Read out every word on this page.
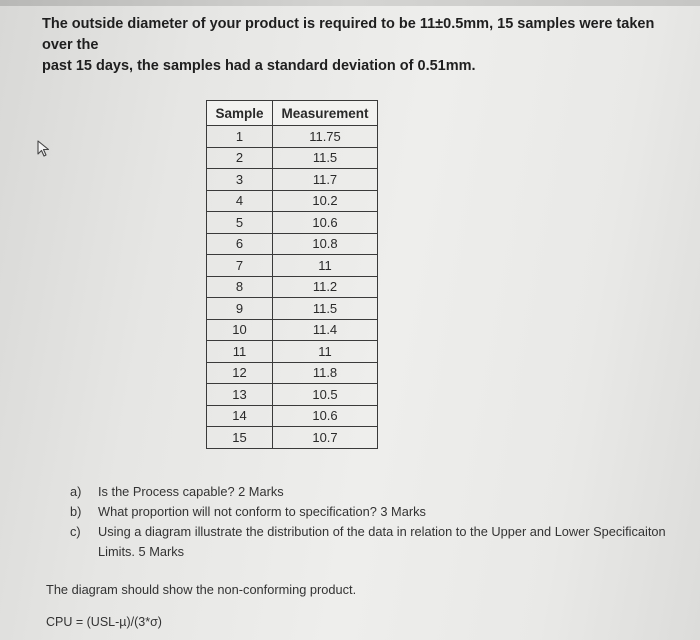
The outside diameter of your product is required to be 11±0.5mm, 15 samples were taken over the
past 15 days, the samples had a standard deviation of 0.51mm.
Sample	Measurement
1	11.75
2	11.5
3	11.7
4	10.2
5	10.6
6	10.8
7	11
8	11.2
9	11.5
10	11.4
11	11
12	11.8
13	10.5
14	10.6
15	10.7
a)	Is the Process capable? 2 Marks
b)	What proportion will not conform to specification? 3 Marks
c)	Using a diagram illustrate the distribution of the data in relation to the Upper and Lower Specificaiton Limits. 5 Marks
The diagram should show the non-conforming product.
CPU = (USL-µ)/(3*σ)
